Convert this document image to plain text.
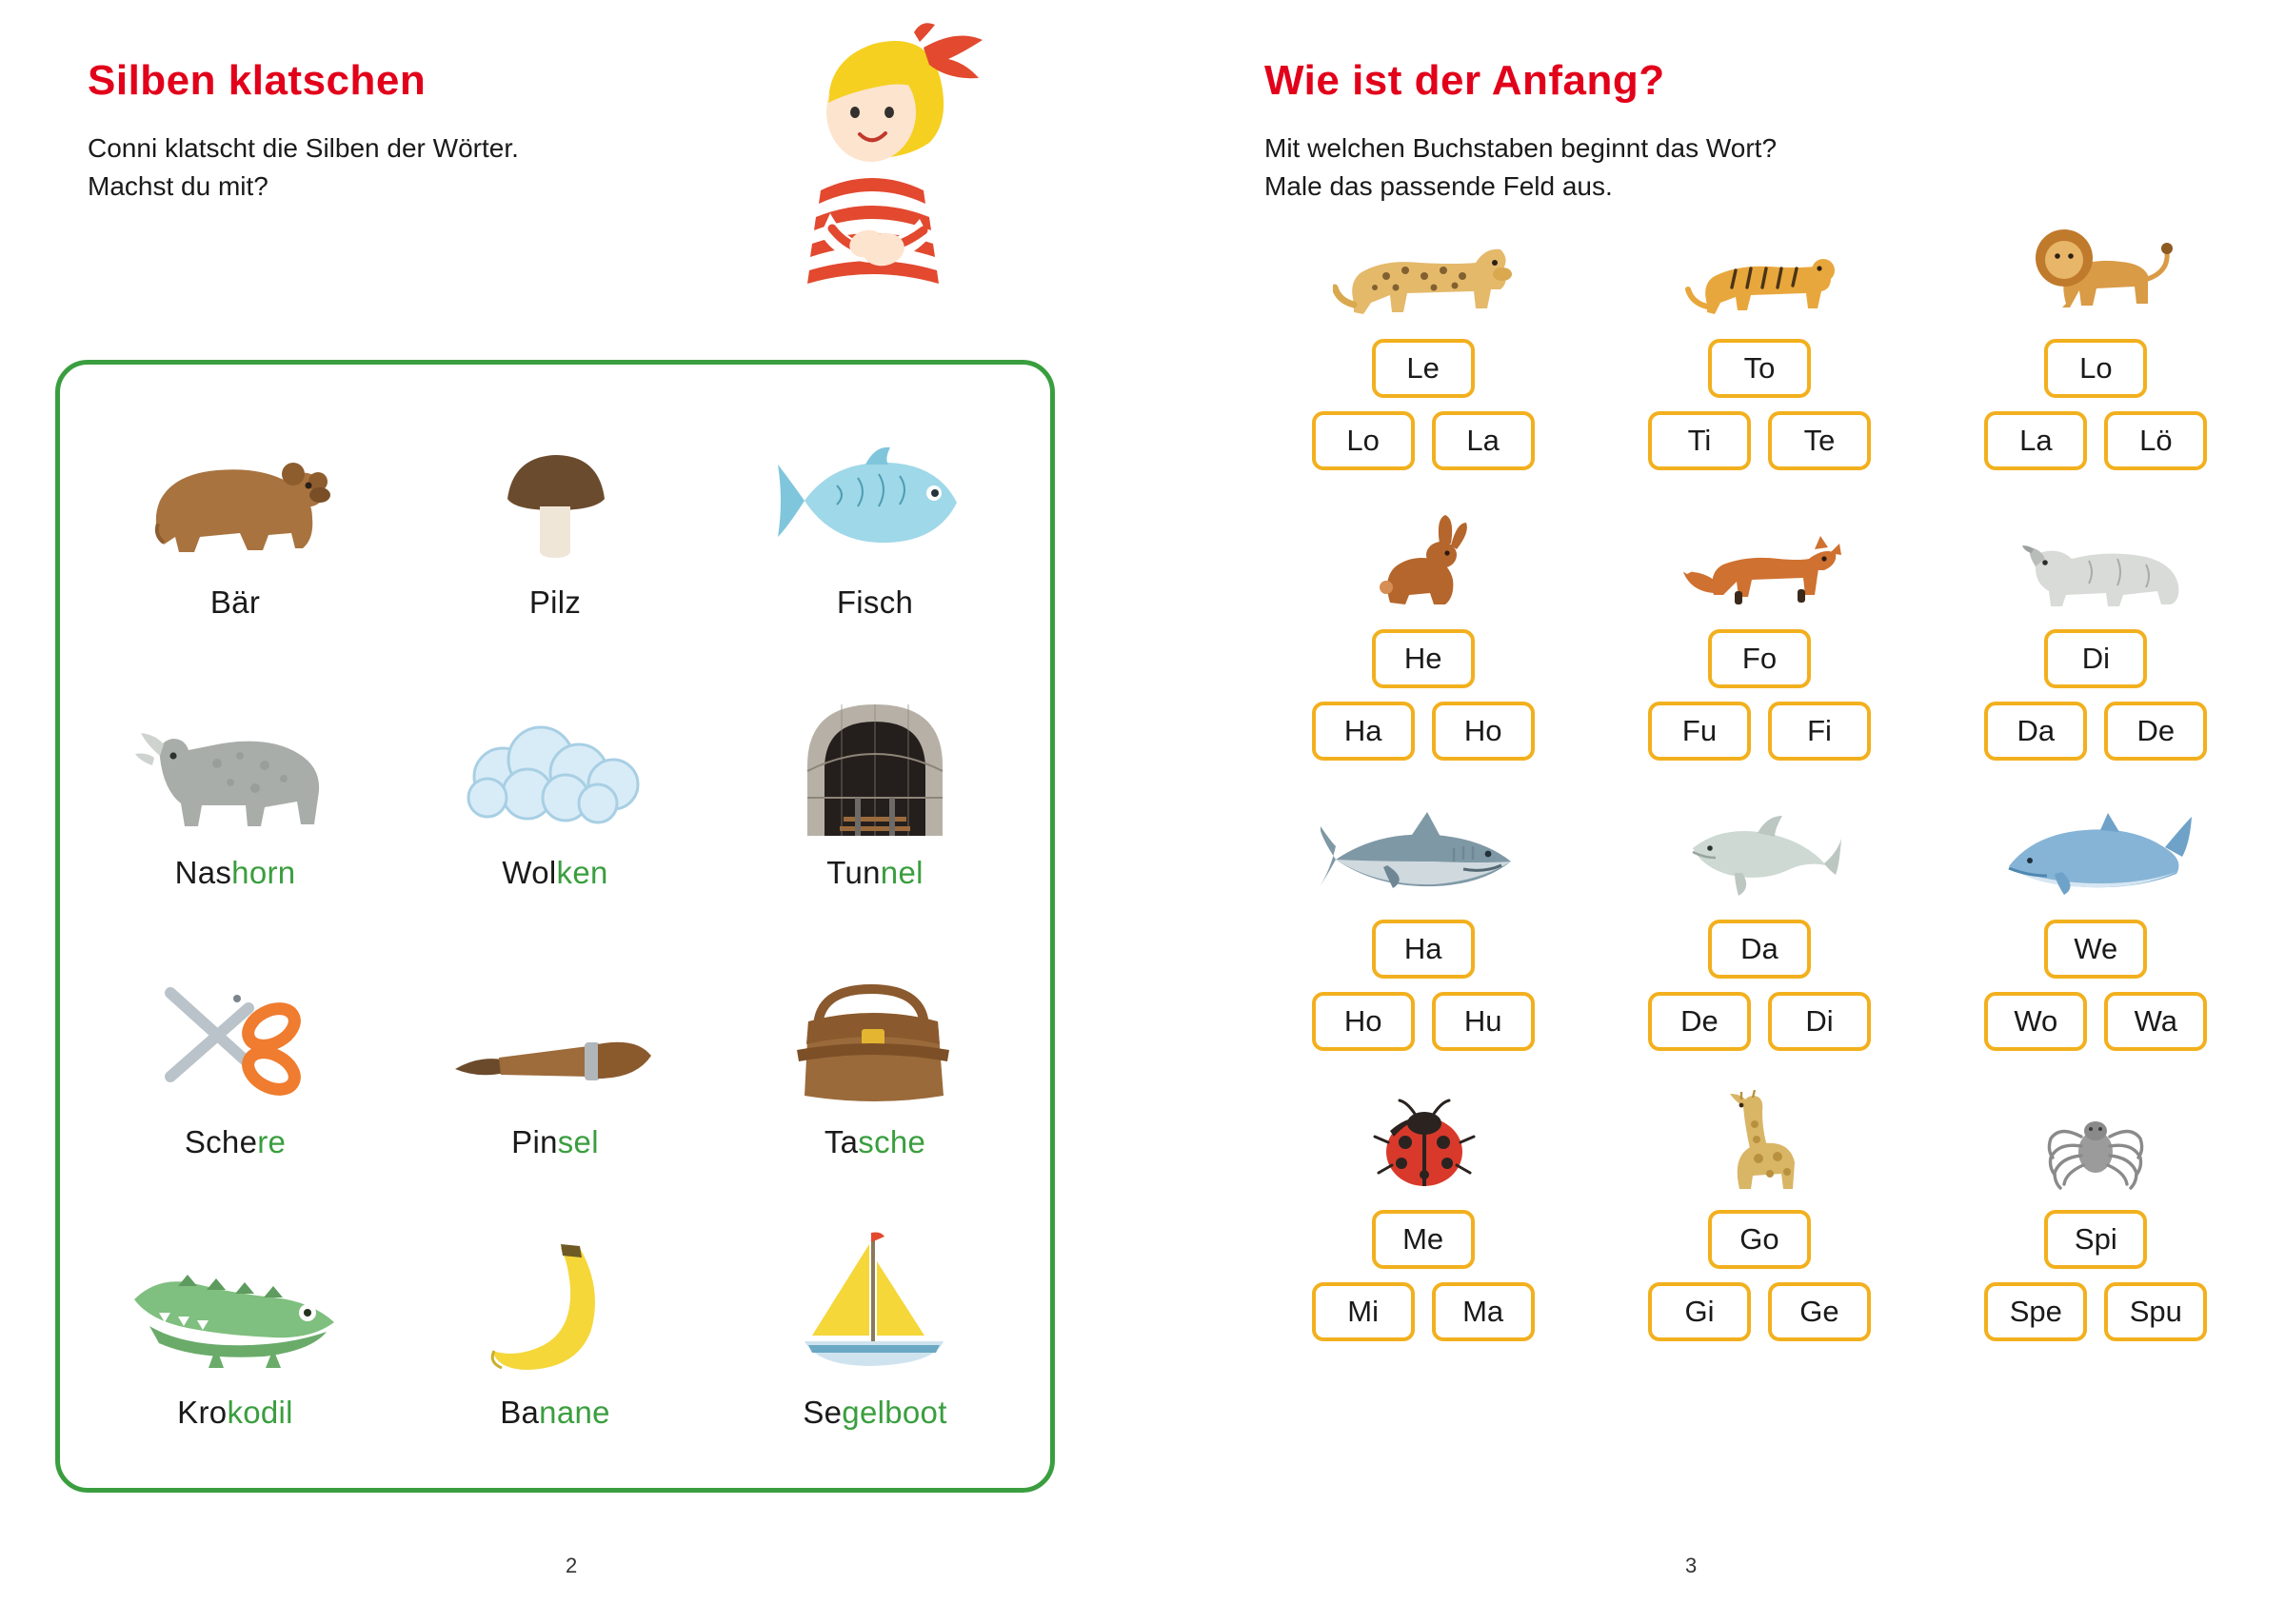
Silben klatschen
Conni klatscht die Silben der Wörter.
Machst du mit?
Bär	Pilz	Fisch
Nashorn	Wolken	Tunnel
Schere	Pinsel	Tasche
Krokodil	Banane	Segelboot
2
Wie ist der Anfang?
Mit welchen Buchstaben beginnt das Wort?
Male das passende Feld aus.
Le
Lo	La
To
Ti	Te
Lo
La	Lö
He
Ha	Ho
Fo
Fu	Fi
Di
Da	De
Ha
Ho	Hu
Da
De	Di
We
Wo	Wa
Me
Mi	Ma
Go
Gi	Ge
Spi
Spe	Spu
3
